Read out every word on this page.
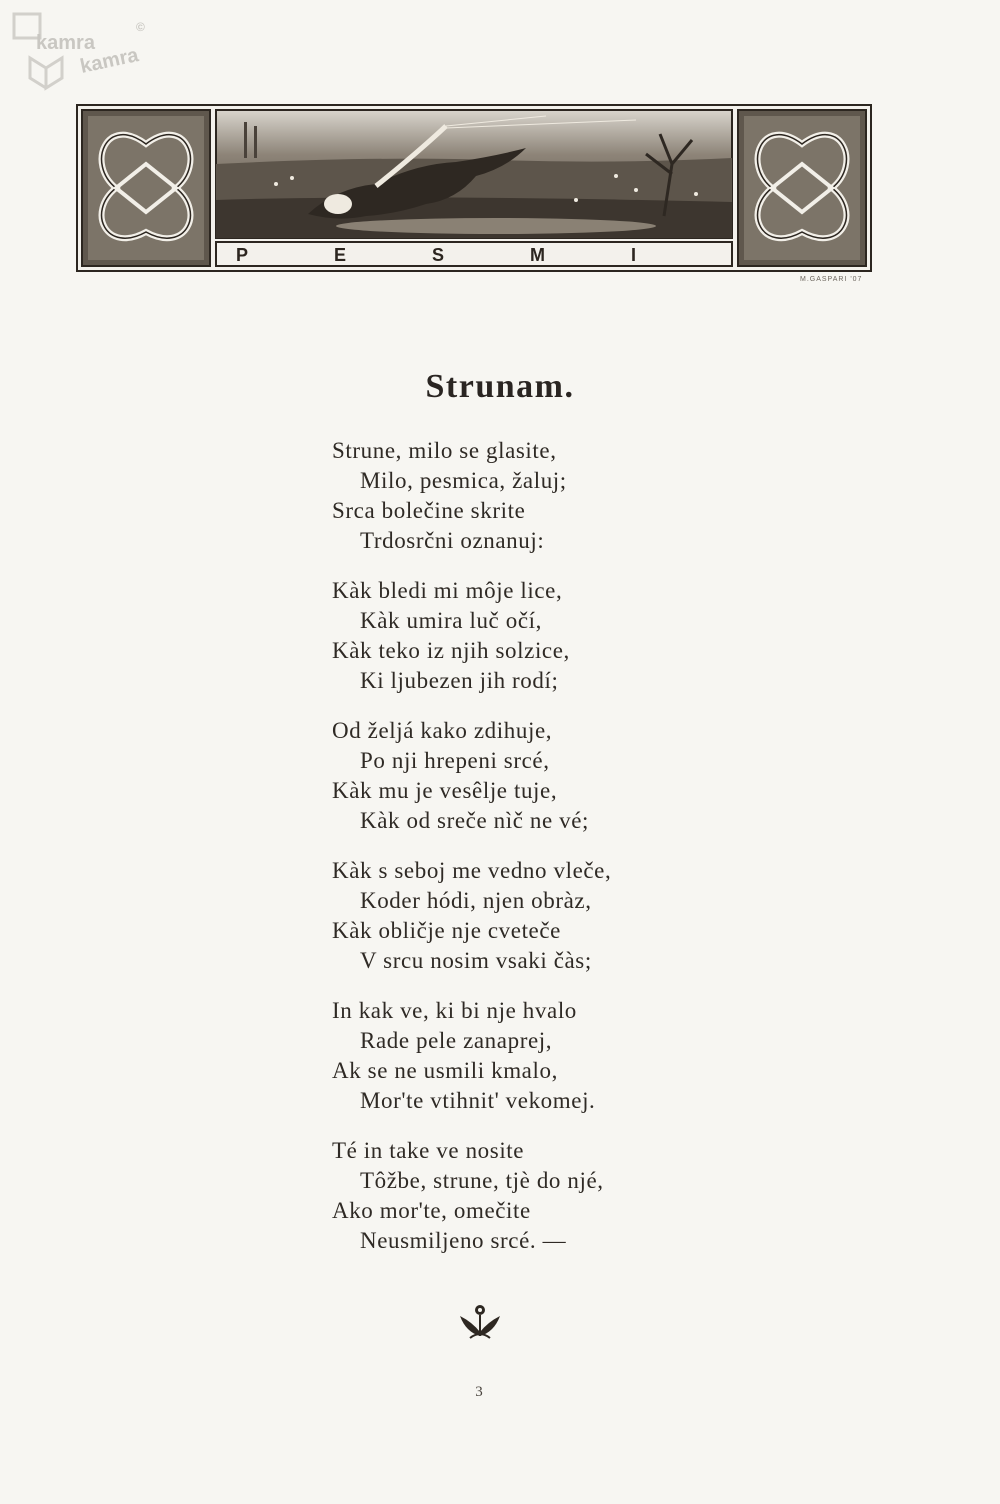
kamra
kamra
©
PESMI
M.GASPARI '07
Strunam.
Strune, milo se glasite,
Milo, pesmica, žaluj;
Srca bolečine skrite
Trdosrčni oznanuj:
Kàk bledi mi môje lice,
Kàk umira luč očí,
Kàk teko iz njih solzice,
Ki ljubezen jih rodí;
Od željá kako zdihuje,
Po nji hrepeni srcé,
Kàk mu je vesêlje tuje,
Kàk od sreče nìč ne vé;
Kàk s seboj me vedno vleče,
Koder hódi, njen obràz,
Kàk obličje nje cveteče
V srcu nosim vsaki čàs;
In kak ve, ki bi nje hvalo
Rade pele zanaprej,
Ak se ne usmili kmalo,
Mor'te vtihnit' vekomej.
Té in take ve nosite
Tôžbe, strune, tjè do njé,
Ako mor'te, omečite
Neusmiljeno srcé. —
3
